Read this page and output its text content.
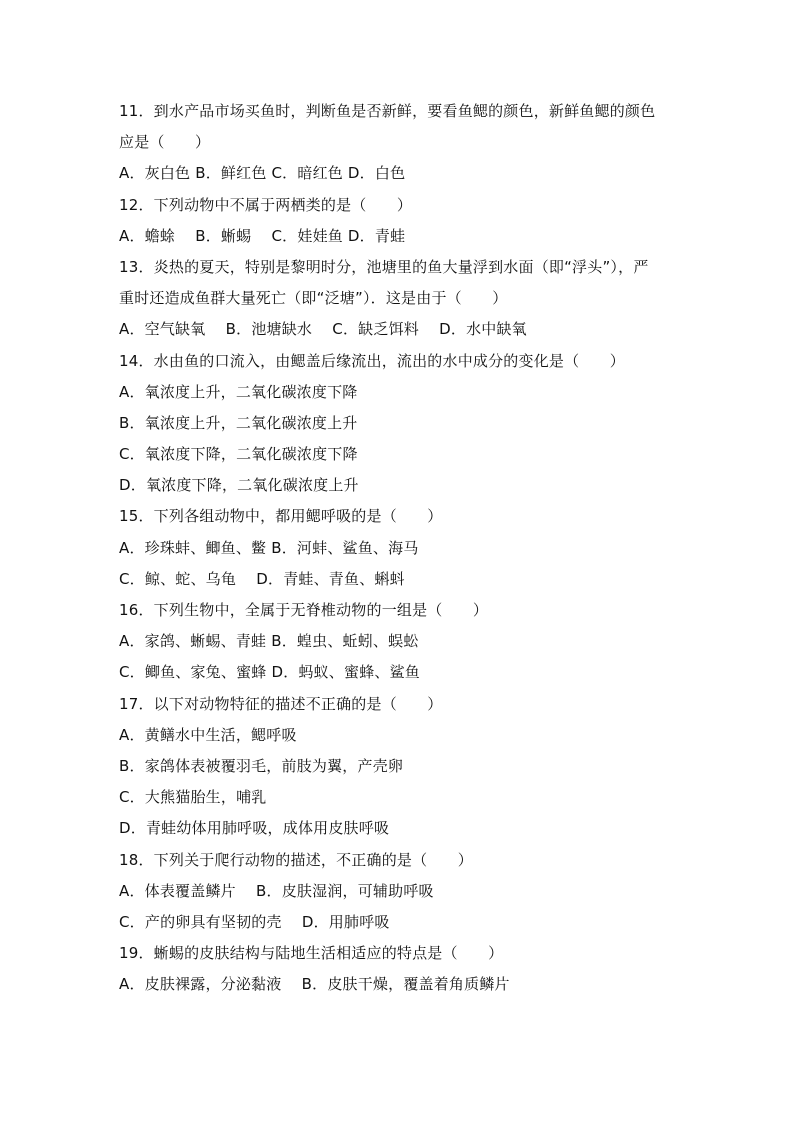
11．到水产品市场买鱼时，判断鱼是否新鲜，要看鱼鳃的颜色，新鲜鱼鳃的颜色
应是（　　）
A．灰白色 B．鲜红色 C．暗红色 D．白色
12．下列动物中不属于两栖类的是（　　）
A．蟾蜍　 B．蜥蜴　 C．娃娃鱼 D．青蛙
13．炎热的夏天，特别是黎明时分，池塘里的鱼大量浮到水面（即“浮头”），严
重时还造成鱼群大量死亡（即“泛塘”）．这是由于（　　）
A．空气缺氧　 B．池塘缺水　 C．缺乏饵料　 D．水中缺氧
14．水由鱼的口流入，由鳃盖后缘流出，流出的水中成分的变化是（　　）
A．氧浓度上升，二氧化碳浓度下降
B．氧浓度上升，二氧化碳浓度上升
C．氧浓度下降，二氧化碳浓度下降
D．氧浓度下降，二氧化碳浓度上升
15．下列各组动物中，都用鳃呼吸的是（　　）
A．珍珠蚌、鲫鱼、鳖 B．河蚌、鲨鱼、海马
C．鲸、蛇、乌龟　 D．青蛙、青鱼、蝌蚪
16．下列生物中，全属于无脊椎动物的一组是（　　）
A．家鸽、蜥蜴、青蛙 B．蝗虫、蚯蚓、蜈蚣
C．鲫鱼、家兔、蜜蜂 D．蚂蚁、蜜蜂、鲨鱼
17．以下对动物特征的描述不正确的是（　　）
A．黄鳝水中生活，鳃呼吸
B．家鸽体表被覆羽毛，前肢为翼，产壳卵
C．大熊猫胎生，哺乳
D．青蛙幼体用肺呼吸，成体用皮肤呼吸
18．下列关于爬行动物的描述，不正确的是（　　）
A．体表覆盖鳞片　 B．皮肤湿润，可辅助呼吸
C．产的卵具有坚韧的壳　 D．用肺呼吸
19．蜥蜴的皮肤结构与陆地生活相适应的特点是（　　）
A．皮肤裸露，分泌黏液　 B．皮肤干燥，覆盖着角质鳞片
